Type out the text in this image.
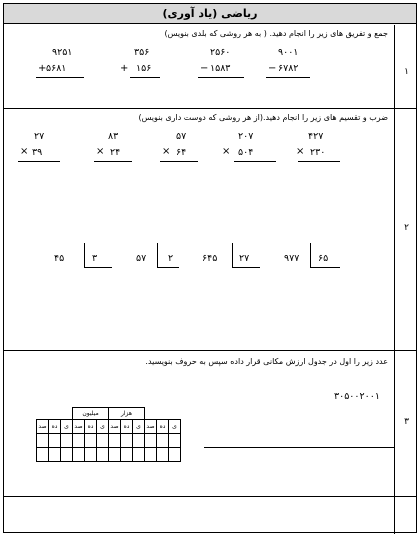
ریاضی (یاد آوری)
۱
جمع و تفریق های زیر را انجام دهید. ( به هر روشی که بلدی بنویس)
۹۲۵۱
+ ۵۶۸۱
۳۵۶
+ ۱۵۶
۲۵۶۰
− ۱۵۸۳
۹۰۰۱
− ۶۷۸۲
۲
ضرب و تقسیم های زیر را انجام دهید.(از هر روشی که دوست داری بنویس)
۲۷
× ۳۹
۸۳
× ۲۴
۵۷
× ۶۴
۲۰۷
× ۵۰۴
۴۲۷
× ۲۳۰
۴۵	۳	۵۷ ۲	۶۴۵ ۲۷	۹۷۷ ۶۵
۳
عدد زیر را اول در جدول ارزش مکانی قرار داده سپس به حروف بنویسید.
۳۰۵۰۰۲۰۰۱
			هزار			میلیون					
ی	ده	صد	ی	ده	صد	ی	ده	صد	ی	ده	صد
